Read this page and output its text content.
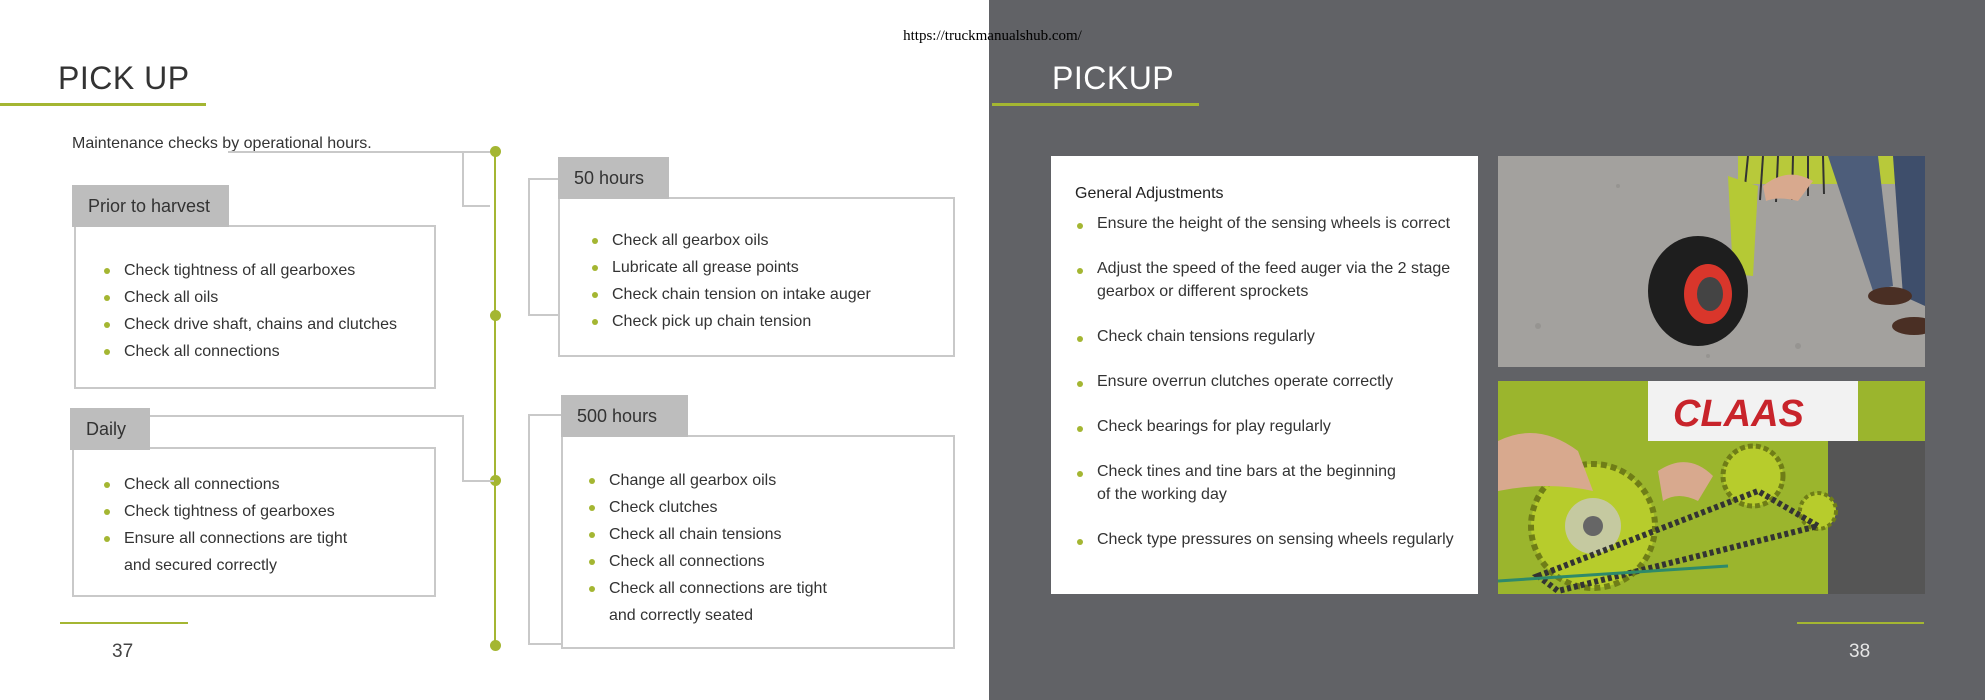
PICK UP
Maintenance checks by operational hours.
Check tightness of all gearboxes
Check all oils
Check drive shaft, chains and clutches
Check all connections
Prior to harvest
Check all connections
Check tightness of gearboxes
Ensure all connections are tight
and secured correctly
Daily
Check all gearbox oils
Lubricate all grease points
Check chain tension on intake auger
Check pick up chain tension
50 hours
Change all gearbox oils
Check clutches
Check all chain tensions
Check all connections
Check all connections are tight
and correctly seated
500 hours
37
PICKUP
General Adjustments
Ensure the height of the sensing wheels is correct
Adjust the speed of the feed auger via the 2 stage
gearbox or different sprockets
Check chain tensions regularly
Ensure overrun clutches operate correctly
Check bearings for play regularly
Check tines and tine bars at the beginning
of the working day
Check type pressures on sensing wheels regularly
CLAAS
38
https://truckmanualshub.com/
